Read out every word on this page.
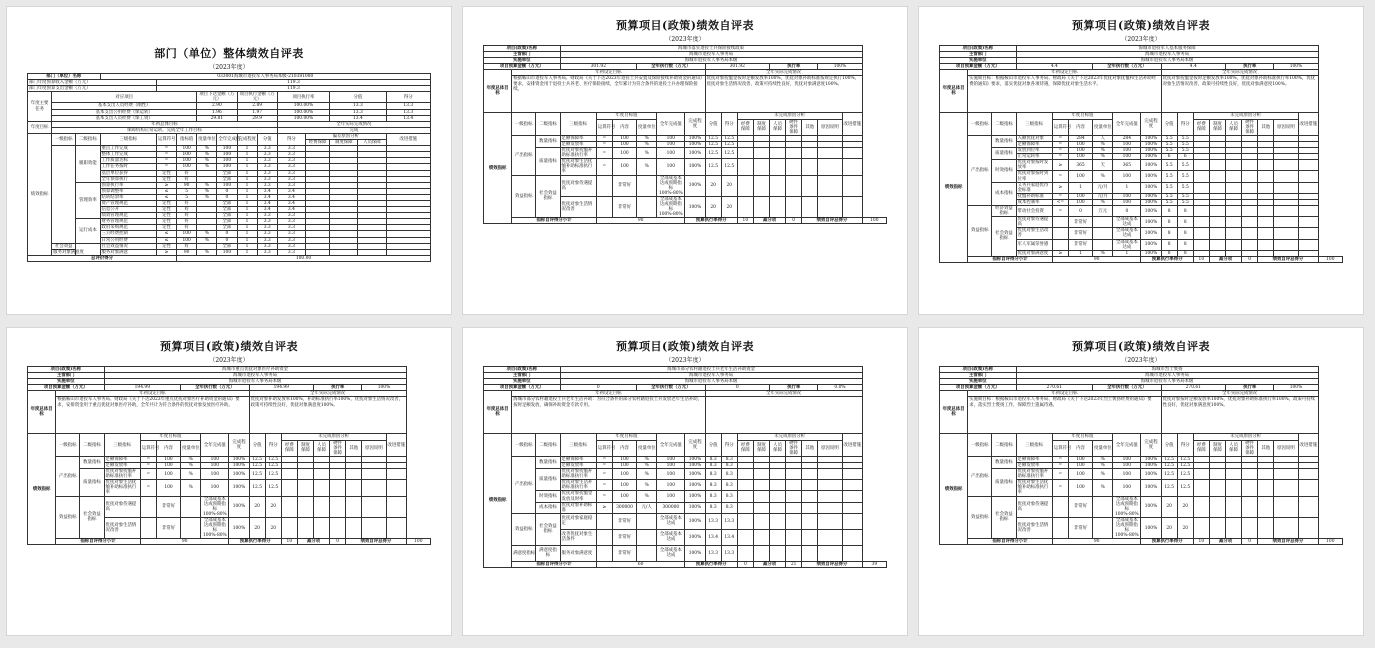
部门（单位）整体绩效自评表
（2023年度）
部门（单位）名称			033001海城市退役军人事务局本级-210381080											
部门年度预算收入金额（万元）				119.3										
部门年度预算支出金额（万元）				119.3										
年度主要任务	对应项目					项目下达金额（万元）		项目执行金额（万元）		项目执行率		分值		得分
	基本支出人员经费（刚性）					2.90		2.89		100.00%		13.3		13.3
	基本支出公用经费（保运转）					1.96		1.97		100.00%		13.3		13.3
	基本支出人员经费（保工资）					29.81		29.9		100.00%		13.4		13.4
年度目标	年初总体目标									全年实际完成情况				
	保障机构正常运转，完成全年工作目标									完成				
绩效指标	一级指标	二级指标	三级指标	运算符号	指标值	度量单位	全年完成值	完成程度	分值	得分	偏差原因分析			改进措施
											经费保障	制度保障	人员保障	
		履职效能	重点工作完成	=	100	%	100	1	3.3	3.3				
			整体工作完成	=	100	%	100	1	3.3	3.3				
			工作质量达标	=	100	%	100	1	3.3	3.3				
			工作任务按时	=	100	%	100	1	3.3	3.3				
			基层单位获得	定性	好		全部	1	3.3	3.3				
			全年预算执行	定性	好		全部	1	3.3	3.3				
		管理效率	预算执行率	≥	90	%	100	1	3.3	3.3				
			预算调整率	≤	5	%	0	1	3.4	3.4				
			结转结余率	≤	5	%	0	1	3.4	3.4				
			资产管理规范	定性	好		全部	1	3.4	3.4				
			信息公开	定性	好		全部	1	3.4	3.4				
			绩效管理规范	定性	好		全部	1	3.3	3.3				
		运行成本	财务管理规范	定性	好		全部	1	3.3	3.3				
			政府采购规范	定性	好		全部	1	3.3	3.3				
			三公经费控制	≤	100	%	0	1	3.3	3.3				
			日常公用经费	≤	100	%	0	1	3.3	3.3				
	社会效益		社会效益情况	定性	好		全部	1	3.3	3.3				
	服务对象满意度		服务对象满意	≥	90	%	100	1	3.3	3.3				
总评价得分					100.00									
预算项目(政策)绩效自评表
（2023年度）
项目(政策)名称			海城市落实退役士兵保险接续政策															
主管部门			海城市退役军人事务局															
实施单位			海城市退役军人事务局本级															
项目预算金额（万元）			301.92			全年执行数（万元）			301.92				执行率			100%		
年度总体目标	年初设定目标								全年实际完成情况									
	根据鞍山市退役军人事务局、财政局《关于下达2023年退役士兵安置及保险接续补助资金的通知》要求，安排资金用于退役士兵养老、医疗保险接续，全年累计为符合条件的退役士兵办理保险接续。								优抚对象抚恤金按时足额发放率100%，优抚对象补助标准按规定执行100%，优抚对象生活情况改善，政策可持续性良好，优抚对象满意度100%。									
绩效指标	一级指标	二级指标	三级指标	年度目标值			全年完成值	完成程度	分值	得分	未完成原因分析						改进措施	
				运算符号	内容	度量单位					经费保障	制度保障	人员保障	硬件条件保障	其他	原因说明		
	产出指标	数量指标	足额保障率	=	100	%	100	100%	12.5	12.5								
			足额发放率	=	100	%	100	100%	12.5	12.5								
		质量指标	优抚对象抚恤补助标准执行率	=	100	%	100	100%	12.5	12.5								
			优抚对象生活抚恤补助标准执行率	=	100	%	100	100%	12.5	12.5								
	效益指标	社会效益指标	优抚对象待遇提高		非常好		全部成基本达成预期指标100%-80%	100%	20	20								
			优抚对象生活情况改善		非常好		全部成基本达成预期指标100%-80%	100%	20	20								
	指标自评得分小计			90				预算执行率得分			10	减分项		0	绩效自评总得分			100
预算项目(政策)绩效自评表
（2023年度）
项目(政策)名称			海城市退役军人基本服务保障															
主管部门			海城市退役军人事务局															
实施单位			海城市退役军人事务局本级															
项目预算金额（万元）			4.4			全年执行数（万元）			4.4				执行率			100%		
年度总体目标	年初设定目标								全年实际完成情况									
	实施期目标：根据鞍山市退役军人事务局、财政局《关于下达2023年优抚对象抚恤和生活补助经费的通知》要求，落实优抚对象各项待遇，保障优抚对象生活水平。								优抚对象抚恤金按时足额发放率100%，优抚对象补助标准执行率100%，优抚对象生活情况改善，政策可持续性良好，优抚对象满意度100%。									
绩效指标	一级指标	二级指标	三级指标	年度目标值			全年完成值	完成程度	分值	得分	未完成原因分析						改进措施	
				运算符号	内容	度量单位					经费保障	制度保障	人员保障	硬件条件保障	其他	原因说明		
	产出指标	数量指标	入额优抚对象	=	284	人	284	100%	5.5	5.5								
			足额保障率	=	100	%	100	100%	5.5	5.5								
		质量指标	发放到位率	=	100	%	100	100%	5.5	5.5								
			正常运转率	=	100	%	100	100%	6	6								
		时效指标	优抚对象按时发放率	≥	365	天	365	100%	5.5	5.5								
			优抚对象按时到位率	=	100	%	100	100%	5.5	5.5								
		成本指标	义务兵家庭优待金标准	≥	1	元/月	1	100%	5.5	5.5								
			抚恤补助标准	=	100	元/月	100	100%	5.5	5.5								
			成本控制率	<=	100	%	100	100%	5.5	5.5								
	效益指标	经济效益指标	带动社会投资	=	0	万元	0	100%	8	8								
		社会效益指标	优抚对象待遇提高		非常好		全部成基本达成	100%	8	8								
			优抚对象生活改善		非常好		全部成基本达成	100%	8	8								
			军人军属荣誉感		非常好		全部成基本达成	100%	8	8								
			优抚对象满意度	≥	1	%	1	100%	8	8								
	指标自评得分小计			90				预算执行率得分			10	减分项		0	绩效自评总得分			100
预算项目(政策)绩效自评表
（2023年度）
项目(政策)名称			海城市重点优抚对象医疗补助资金															
主管部门			海城市退役军人事务局															
实施单位			海城市退役军人事务局本级															
项目预算金额（万元）			194.99			全年执行数（万元）			194.99				执行率			100%		
年度总体目标	年初设定目标								全年实际完成情况									
	根据鞍山市退役军人事务局、财政局《关于下达2023年重点优抚对象医疗补助资金的通知》要求，安排资金用于重点优抚对象医疗补助，全年共计为符合条件的优抚对象发放医疗补助。								优抚对象补助发放率100%，补助标准执行率100%，优抚对象生活情况改善，政策可持续性良好，优抚对象满意度100%。									
绩效指标	一级指标	二级指标	三级指标	年度目标值			全年完成值	完成程度	分值	得分	未完成原因分析						改进措施	
				运算符号	内容	度量单位					经费保障	制度保障	人员保障	硬件条件保障	其他	原因说明		
	产出指标	数量指标	足额保障率	=	100	%	100	100%	12.5	12.5								
			足额发放率	=	100	%	100	100%	12.5	12.5								
		质量指标	优抚对象抚恤补助标准执行率	=	100	%	100	100%	12.5	12.5								
			优抚对象生活抚恤补助标准执行率	=	100	%	100	100%	12.5	12.5								
	效益指标	社会效益指标	优抚对象待遇提高		非常好		全部成基本达成预期指标100%-80%	100%	20	20								
			优抚对象生活情况改善		非常好		全部成基本达成预期指标100%-80%	100%	20	20								
	指标自评得分小计			90				预算执行率得分			10	减分项		0	绩效自评总得分			100
预算项目(政策)绩效自评表
（2023年度）
项目(政策)名称			海城市部分农村籍退役士兵老年生活补助资金															
主管部门			海城市退役军人事务局															
实施单位			海城市退役军人事务局本级															
项目预算金额（万元）			0			全年执行数（万元）			0				执行率			0.0%		
年度总体目标	年初设定目标								全年实际完成情况									
	海城市部分农村籍退役士兵老年生活补助：为符合条件的部分农村籍退役士兵发放老年生活补助，按时足额发放，确保补助资金专款专用。																	
绩效指标	一级指标	二级指标	三级指标	年度目标值			全年完成值	完成程度	分值	得分	未完成原因分析						改进措施	
				运算符号	内容	度量单位					经费保障	制度保障	人员保障	硬件条件保障	其他	原因说明		
	产出指标	数量指标	足额保障率	=	100	%	100	100%	8.3	8.3								
			足额发放率	=	100	%	100	100%	8.3	8.3								
		质量指标	优抚对象抚恤补助标准执行率	=	100	%	100	100%	8.3	8.3								
			优抚对象生活补助标准执行率	=	100	%	100	100%	8.3	8.3								
		时效指标	优抚对象抚恤金发放及时率	=	100	%	100	100%	8.3	8.3								
		成本指标	优抚对象补助标准	≥	300000	元/人	300000	100%	8.3	8.3								
	效益指标	社会效益指标	优抚对象家庭稳定		非常好		全部成基本达成	100%	13.3	13.3								
			改善优抚对象生活条件		非常好		全部成基本达成	100%	13.4	13.4								
	满意度指标	满意度指标	服务对象满意度		非常好		全部成基本达成	100%	13.3	13.3								
	指标自评得分小计			60				预算执行率得分			0	减分项		21	绩效自评总得分			39
预算项目(政策)绩效自评表
（2023年度）
项目(政策)名称			海城市烈士褒扬															
主管部门			海城市退役军人事务局															
实施单位			海城市退役军人事务局本级															
项目预算金额（万元）			270.61			全年执行数（万元）			270.61				执行率			100%		
年度总体目标	年初设定目标								全年实际完成情况									
	实施期目标：根据鞍山市退役军人事务局、财政局《关于下达2023年烈士褒扬经费的通知》要求，落实烈士褒扬工作，保障烈士遗属待遇。								优抚对象按时足额发放率100%，优抚对象补助标准执行率100%，政策可持续性良好，优抚对象满意度100%。									
绩效指标	一级指标	二级指标	三级指标	年度目标值			全年完成值	完成程度	分值	得分	未完成原因分析						改进措施	
				运算符号	内容	度量单位					经费保障	制度保障	人员保障	硬件条件保障	其他	原因说明		
	产出指标	数量指标	足额保障率	=	100	%	100	100%	12.5	12.5								
			足额发放率	=	100	%	100	100%	12.5	12.5								
		质量指标	优抚对象抚恤补助标准执行率	=	100	%	100	100%	12.5	12.5								
			优抚对象生活抚恤补助标准执行率	=	100	%	100	100%	12.5	12.5								
	效益指标	社会效益指标	优抚对象待遇提高		非常好		全部成基本达成预期指标100%-80%	100%	20	20								
			优抚对象生活情况改善		非常好		全部成基本达成预期指标100%-80%	100%	20	20								
	指标自评得分小计			90				预算执行率得分			10	减分项		0	绩效自评总得分			100
